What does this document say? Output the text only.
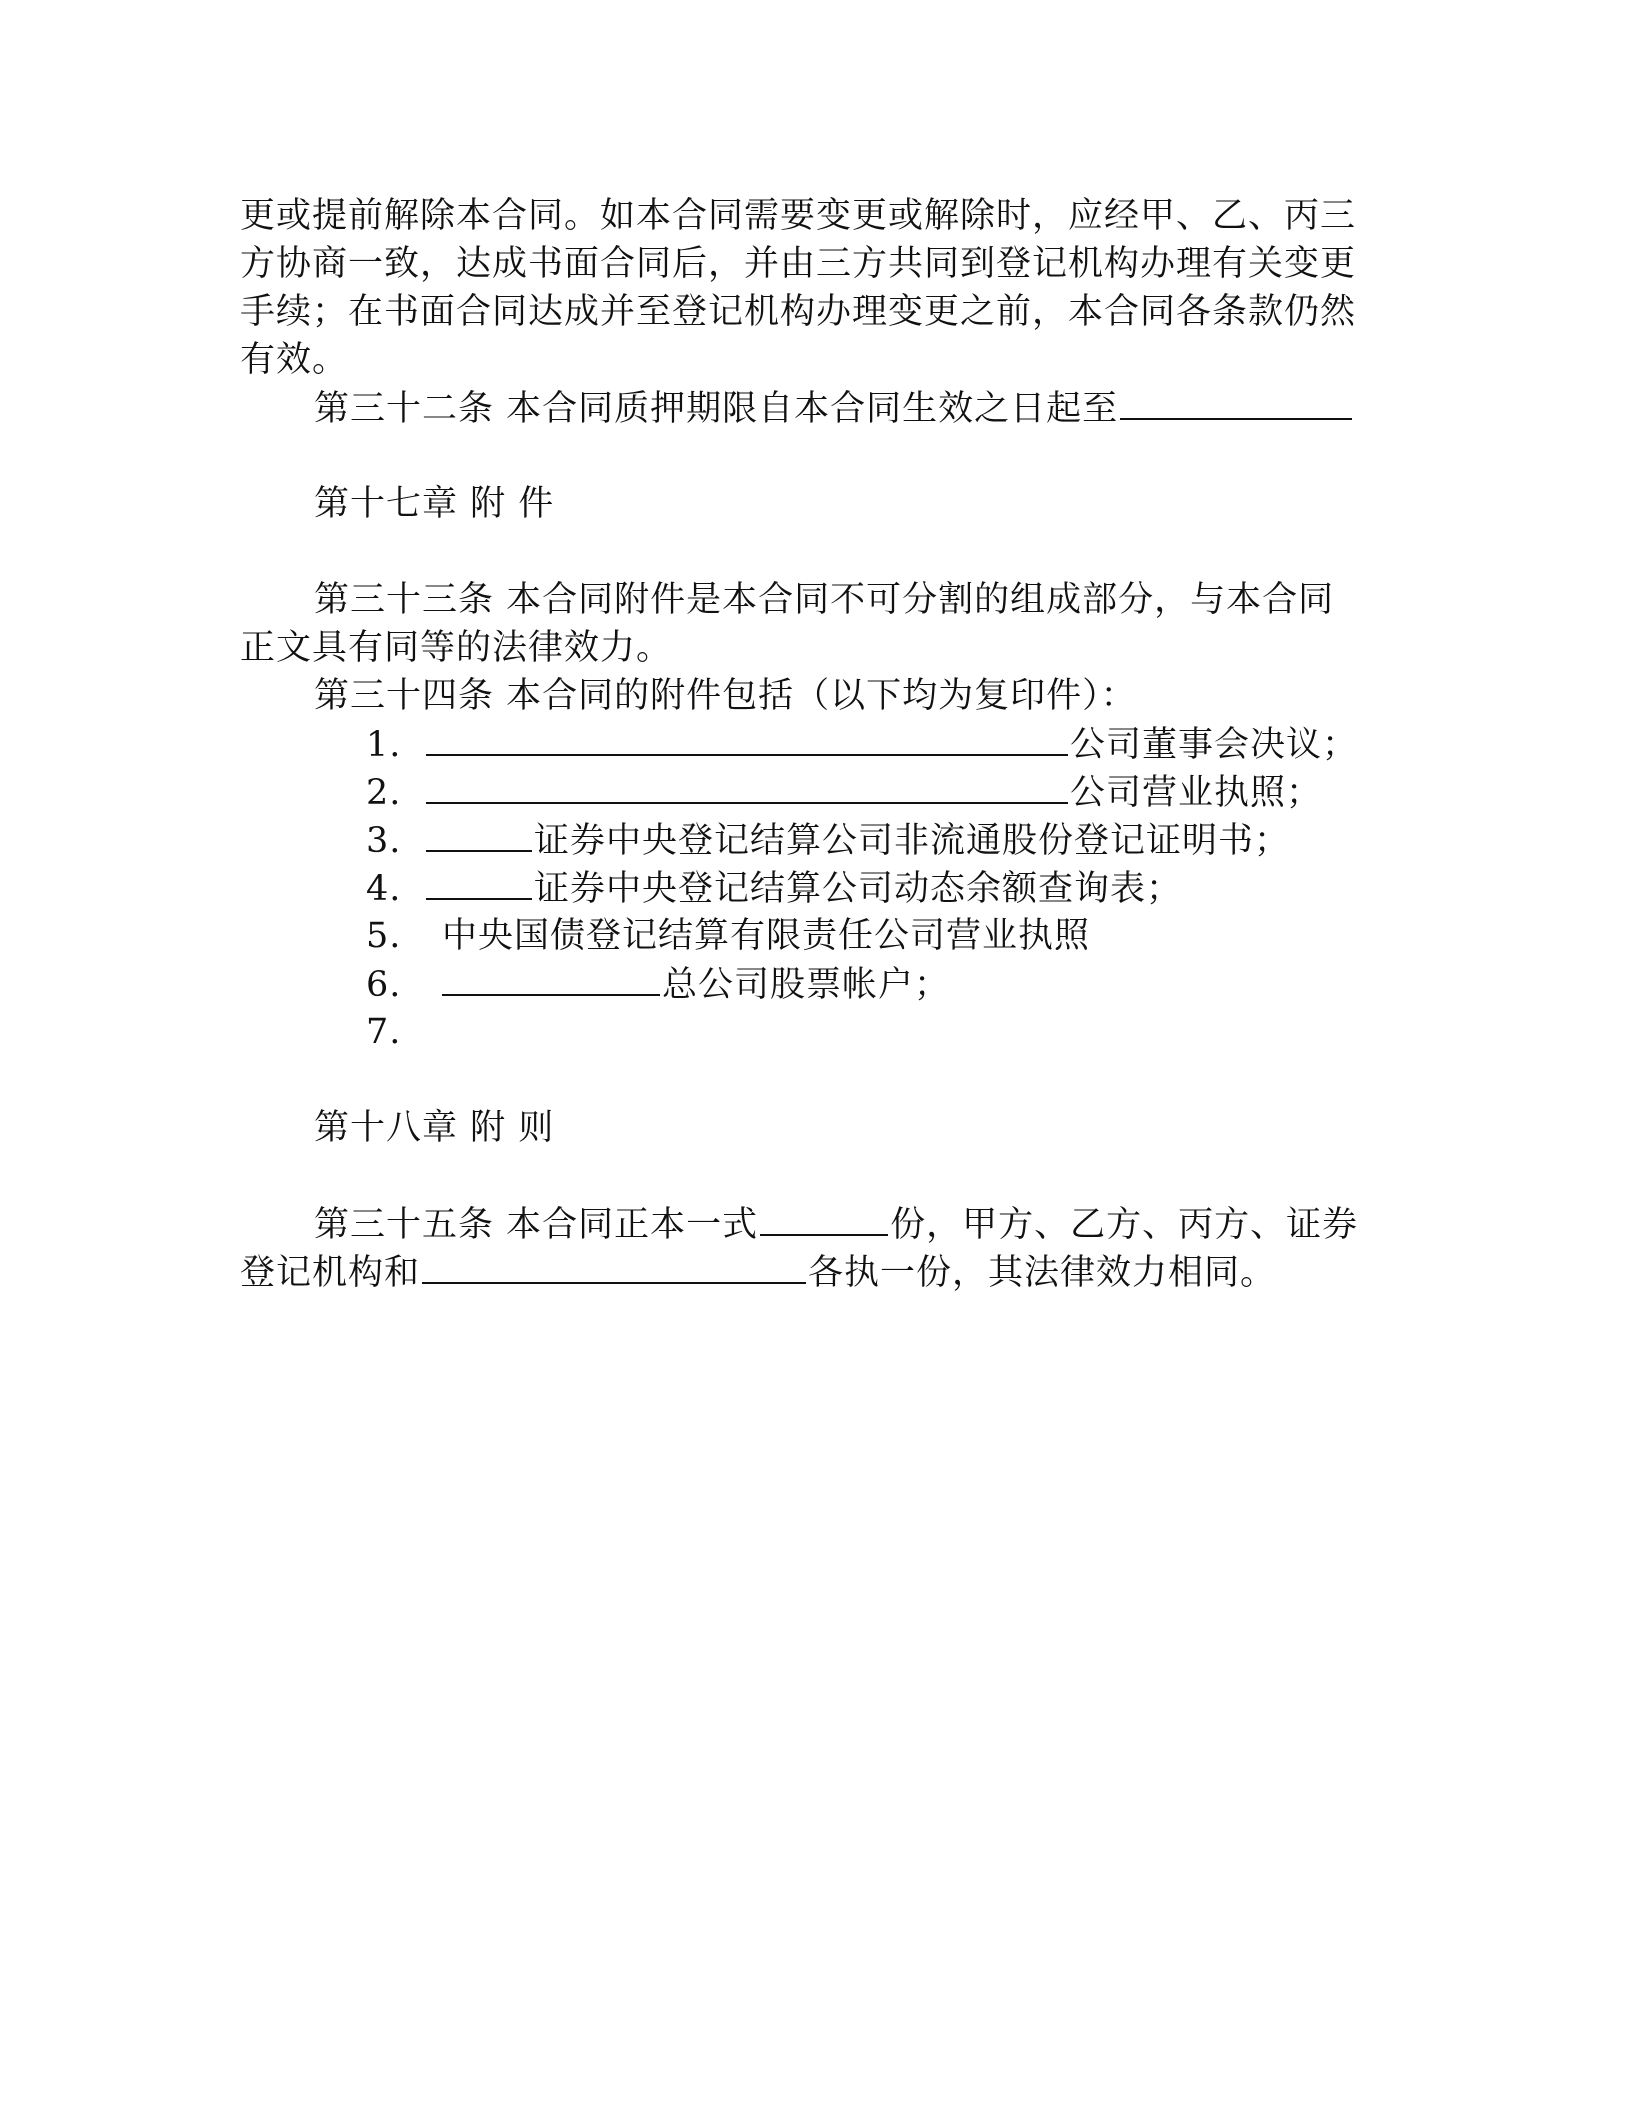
更或提前解除本合同。如本合同需要变更或解除时，应经甲、乙、丙三
方协商一致，达成书面合同后，并由三方共同到登记机构办理有关变更
手续；在书面合同达成并至登记机构办理变更之前，本合同各条款仍然
有效。
第三十二条 本合同质押期限自本合同生效之日起至
第十七章 附 件
第三十三条 本合同附件是本合同不可分割的组成部分，与本合同
正文具有同等的法律效力。
第三十四条 本合同的附件包括（以下均为复印件）：
1.	公司董事会决议；
2.	公司营业执照；
3.	证券中央登记结算公司非流通股份登记证明书；
4.	证券中央登记结算公司动态余额查询表；
5. 中央国债登记结算有限责任公司营业执照
6.	总公司股票帐户；
7.
第十八章 附 则
第三十五条 本合同正本一式	份，甲方、乙方、丙方、证券
登记机构和	各执一份，其法律效力相同。
